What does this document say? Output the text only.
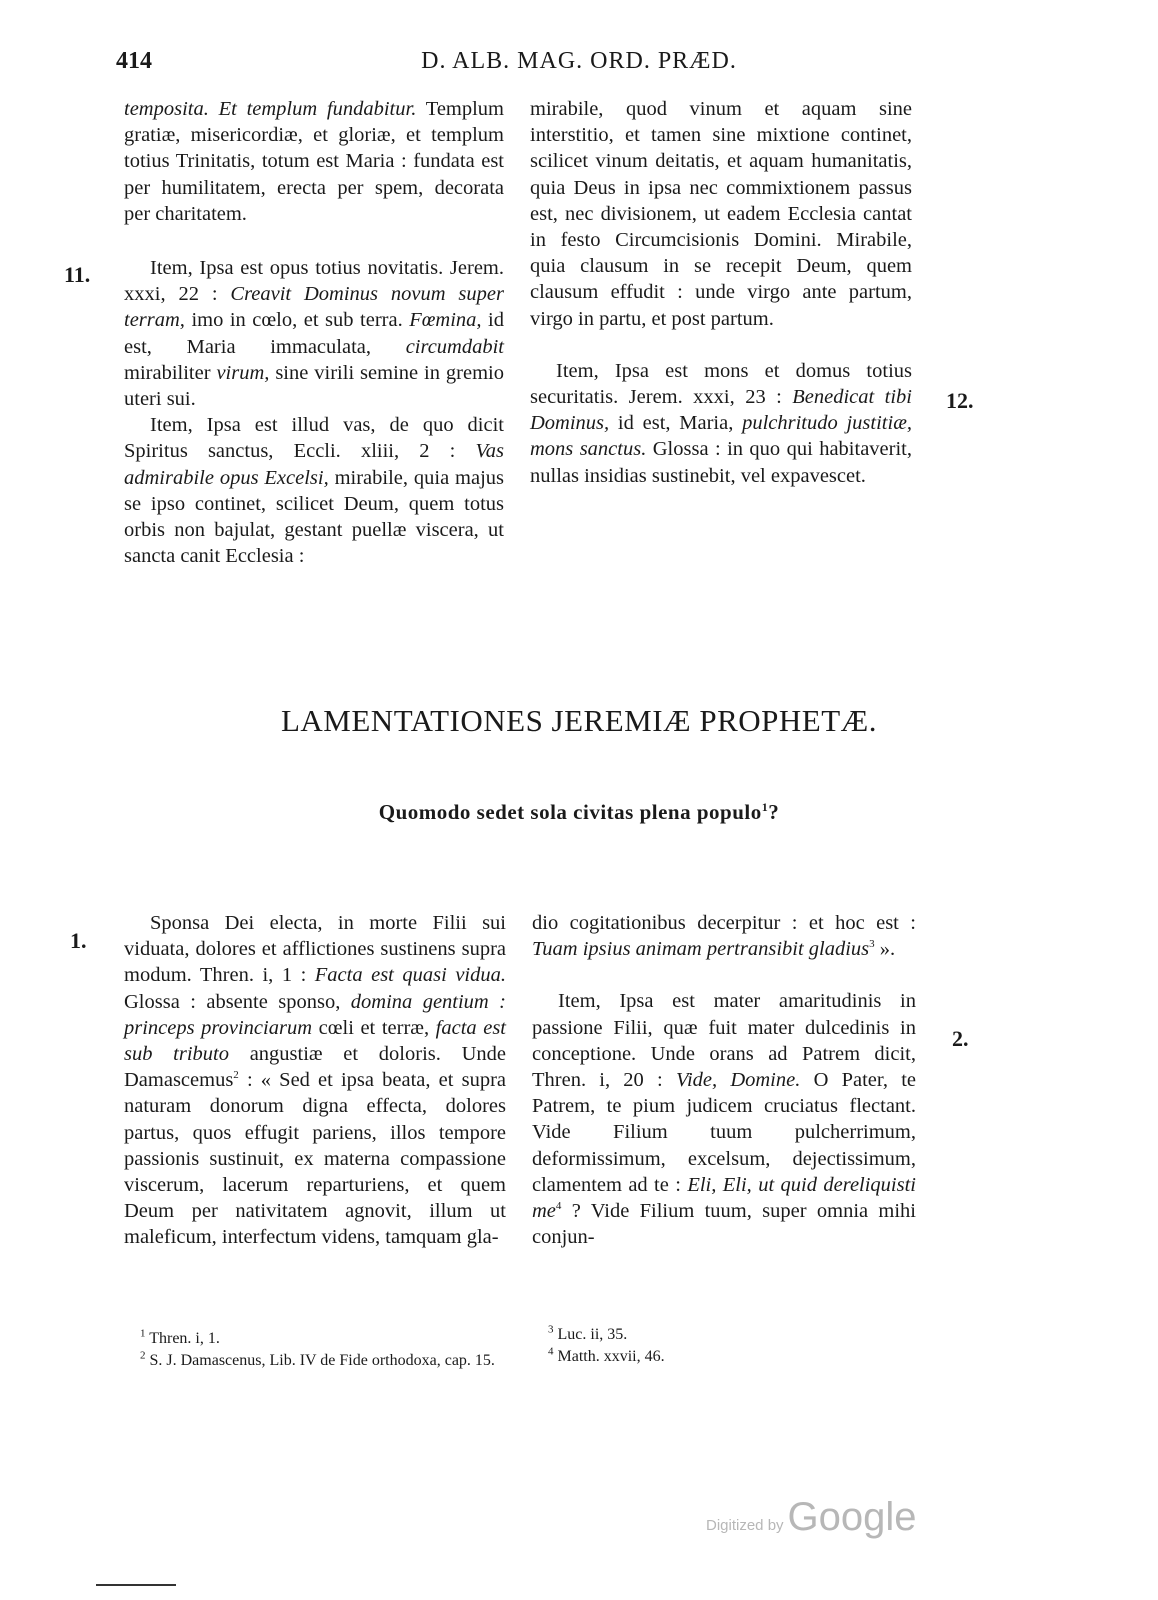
414	D. ALB. MAG. ORD. PRÆD.

temposita. Et templum fundabitur. Templum gratiæ, misericordiæ, et gloriæ, et templum totius Trinitatis, totum est Maria : fundata est per humilitatem, erecta per spem, decorata per charitatem.

Item, Ipsa est opus totius novitatis. Jerem. xxxi, 22 : Creavit Dominus novum super terram, imo in cœlo, et sub terra. Fœmina, id est, Maria immaculata, circumdabit mirabiliter virum, sine virili semine in gremio uteri sui.

Item, Ipsa est illud vas, de quo dicit Spiritus sanctus, Eccli. xliii, 2 : Vas admirabile opus Excelsi, mirabile, quia majus se ipso continet, scilicet Deum, quem totus orbis non bajulat, gestant puellæ viscera, ut sancta canit Ecclesia :

mirabile, quod vinum et aquam sine interstitio, et tamen sine mixtione continet, scilicet vinum deitatis, et aquam humanitatis, quia Deus in ipsa nec commixtionem passus est, nec divisionem, ut eadem Ecclesia cantat in festo Circumcisionis Domini. Mirabile, quia clausum in se recepit Deum, quem clausum effudit : unde virgo ante partum, virgo in partu, et post partum.

Item, Ipsa est mons et domus totius securitatis. Jerem. xxxi, 23 : Benedicat tibi Dominus, id est, Maria, pulchritudo justitiæ, mons sanctus. Glossa : in quo qui habitaverit, nullas insidias sustinebit, vel expavescet.

11.
12.
LAMENTATIONES JEREMIÆ PROPHETÆ.
Quomodo sedet sola civitas plena populo$^1$?

Sponsa Dei electa, in morte Filii sui viduata, dolores et afflictiones sustinens supra modum. Thren. i, 1 : Facta est quasi vidua. Glossa : absente sponso, domina gentium : princeps provinciarum cœli et terræ, facta est sub tributo angustiæ et doloris. Unde Damascemus$^2$ : « Sed et ipsa beata, et supra naturam donorum digna effecta, dolores partus, quos effugit pariens, illos tempore passionis sustinuit, ex materna compassione viscerum, lacerum reparturiens, et quem Deum per nativitatem agnovit, illum ut maleficum, interfectum videns, tamquam gla-

dio cogitationibus decerpitur : et hoc est : Tuam ipsius animam pertransibit gladius$^3$ ».

Item, Ipsa est mater amaritudinis in passione Filii, quæ fuit mater dulcedinis in conceptione. Unde orans ad Patrem dicit, Thren. i, 20 : Vide, Domine. O Pater, te Patrem, te pium judicem cruciatus flectant. Vide Filium tuum pulcherrimum, deformissimum, excelsum, dejectissimum, clamentem ad te : Eli, Eli, ut quid dereliquisti $me^4$ ? Vide Filium tuum, super omnia mihi conjun-

1.
2.

$^1$ Thren. i, 1.

$^2$ S. J. Damascenus, Lib. IV de Fide orthodoxa, cap. 15.

$^3$ Luc. ii, 35.

$^4$ Matth. xxvii, 46.

Digitized by Google
